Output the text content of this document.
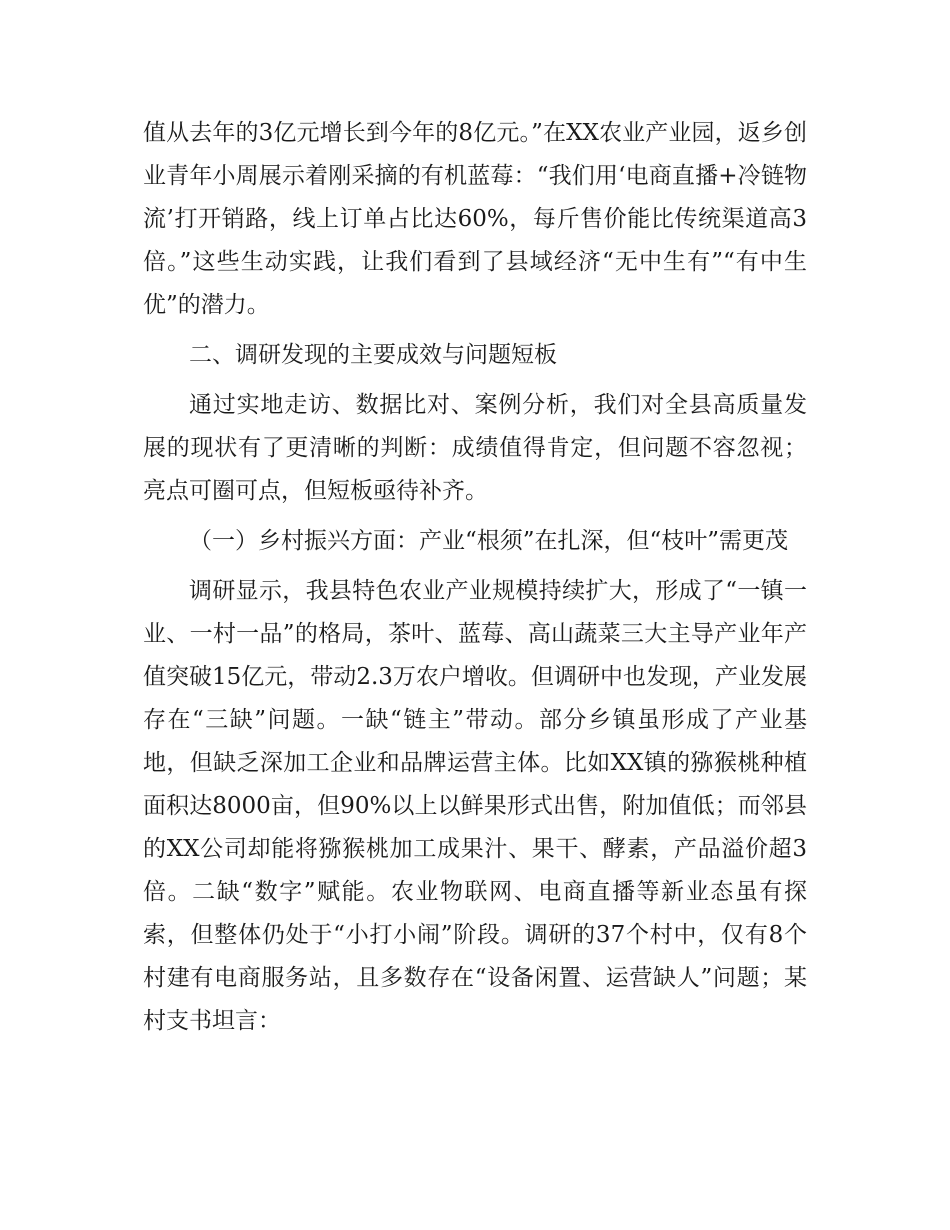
值从去年的3亿元增长到今年的8亿元。”在XX农业产业园，返乡创业青年小周展示着刚采摘的有机蓝莓：“我们用‘电商直播+冷链物流’打开销路，线上订单占比达60%，每斤售价能比传统渠道高3倍。”这些生动实践，让我们看到了县域经济“无中生有”“有中生优”的潜力。

二、调研发现的主要成效与问题短板

通过实地走访、数据比对、案例分析，我们对全县高质量发展的现状有了更清晰的判断：成绩值得肯定，但问题不容忽视；亮点可圈可点，但短板亟待补齐。

（一）乡村振兴方面：产业“根须”在扎深，但“枝叶”需更茂

调研显示，我县特色农业产业规模持续扩大，形成了“一镇一业、一村一品”的格局，茶叶、蓝莓、高山蔬菜三大主导产业年产值突破15亿元，带动2.3万农户增收。但调研中也发现，产业发展存在“三缺”问题。一缺“链主”带动。部分乡镇虽形成了产业基地，但缺乏深加工企业和品牌运营主体。比如XX镇的猕猴桃种植面积达8000亩，但90%以上以鲜果形式出售，附加值低；而邻县的XX公司却能将猕猴桃加工成果汁、果干、酵素，产品溢价超3倍。二缺“数字”赋能。农业物联网、电商直播等新业态虽有探索，但整体仍处于“小打小闹”阶段。调研的37个村中，仅有8个村建有电商服务站，且多数存在“设备闲置、运营缺人”问题；某村支书坦言：
